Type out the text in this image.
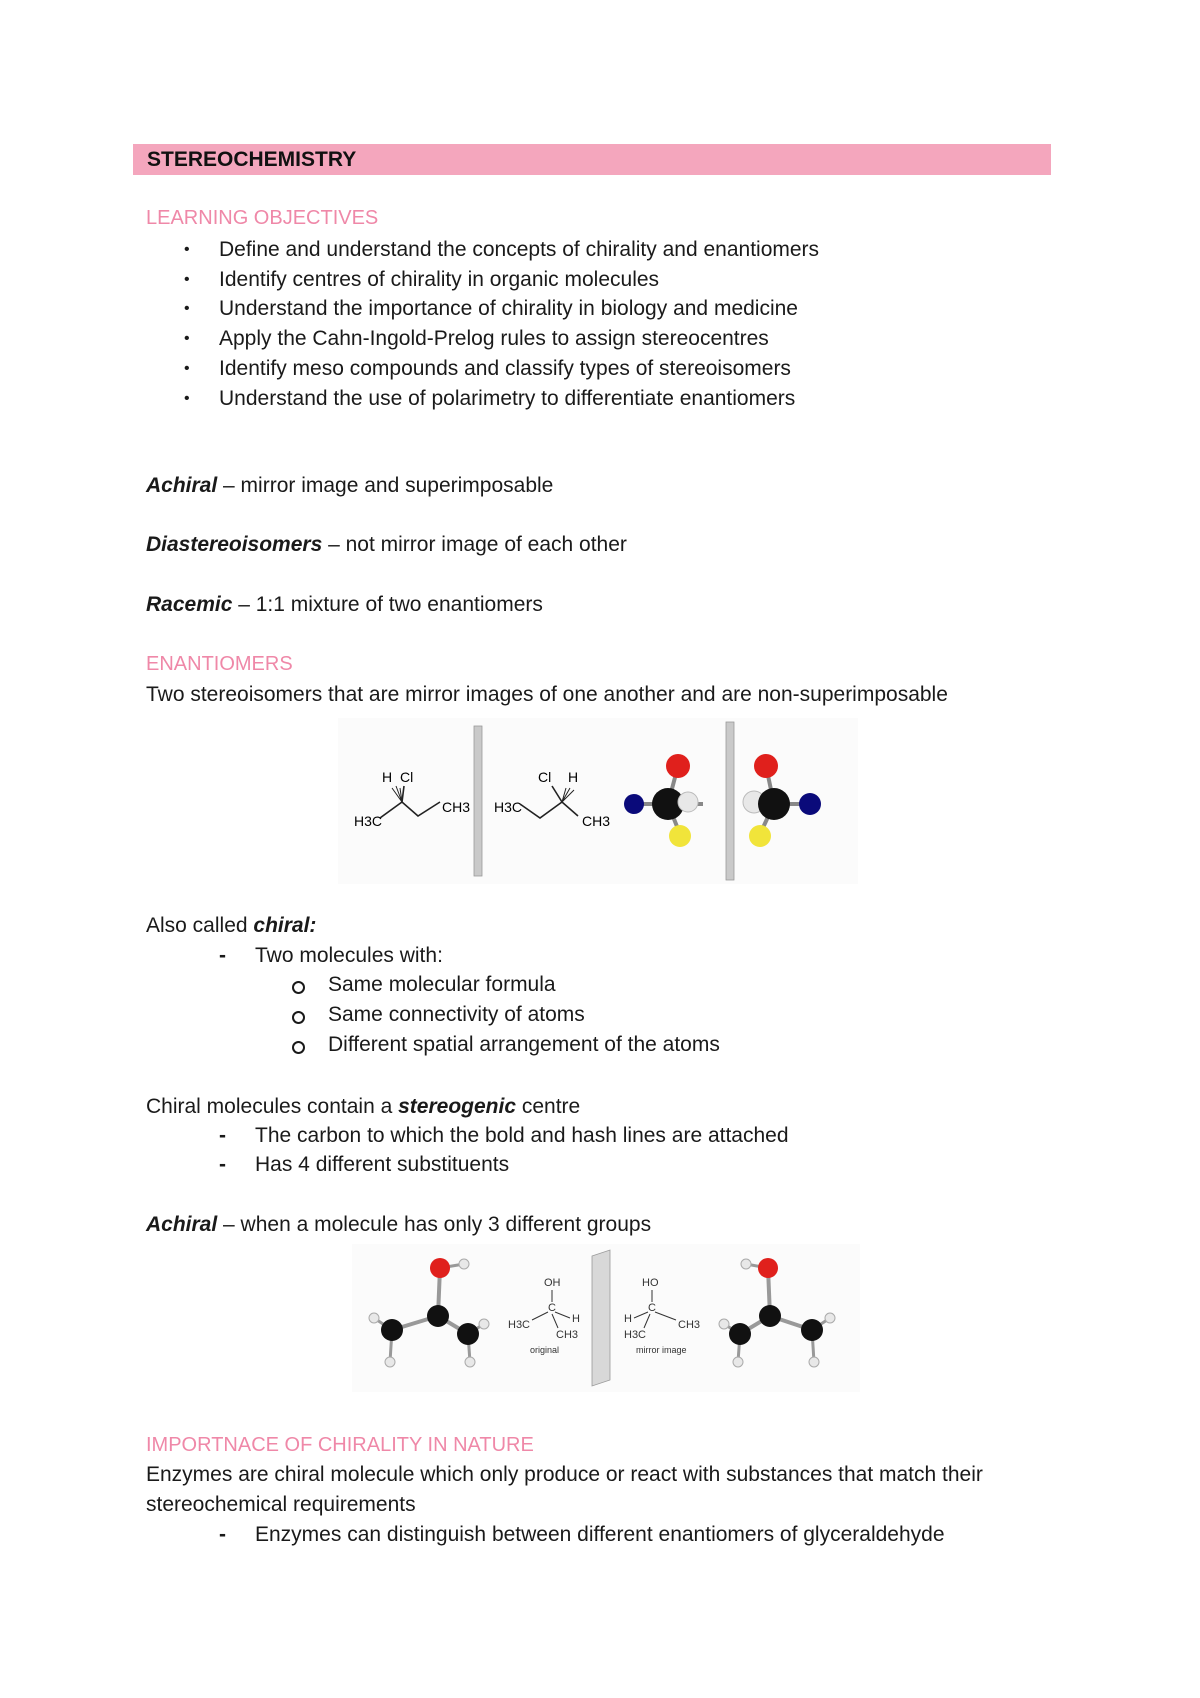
STEREOCHEMISTRY
LEARNING OBJECTIVES
• Define and understand the concepts of chirality and enantiomers
• Identify centres of chirality in organic molecules
• Understand the importance of chirality in biology and medicine
• Apply the Cahn-Ingold-Prelog rules to assign stereocentres
• Identify meso compounds and classify types of stereoisomers
• Understand the use of polarimetry to differentiate enantiomers
Achiral – mirror image and superimposable
Diastereoisomers – not mirror image of each other
Racemic – 1:1 mixture of two enantiomers
ENANTIOMERS
Two stereoisomers that are mirror images of one another and are non-superimposable
H Cl
H3C
CH3
Cl H
H3C
CH3
Also called chiral:
- Two molecules with:
Same molecular formula
Same connectivity of atoms
Different spatial arrangement of the atoms
Chiral molecules contain a stereogenic centre
- The carbon to which the bold and hash lines are attached
- Has 4 different substituents
Achiral – when a molecule has only 3 different groups
OH
C
H
H3C
CH3
original
HO
C
H	CH3
H3C
mirror image
IMPORTNACE OF CHIRALITY IN NATURE
Enzymes are chiral molecule which only produce or react with substances that match their
stereochemical requirements
- Enzymes can distinguish between different enantiomers of glyceraldehyde
